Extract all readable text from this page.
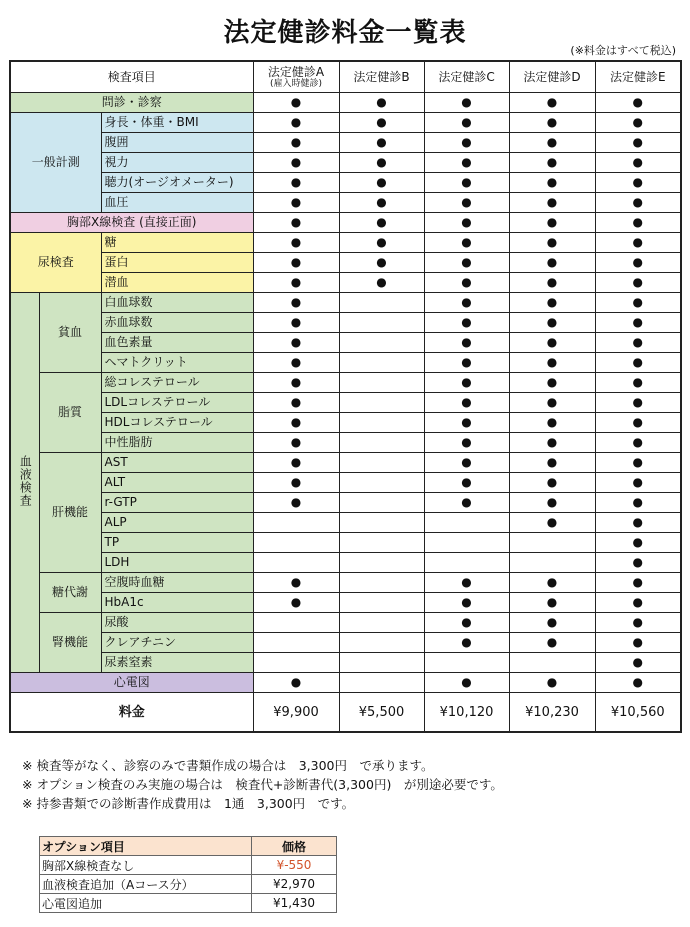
法定健診料金一覧表
(※料金はすべて税込)
検査項目			法定健診A
(雇入時健診)	法定健診B	法定健診C	法定健診D	法定健診E
問診・診察			●	●	●	●	●
一般計測		身長・体重・BMI	●	●	●	●	●
		腹囲	●	●	●	●	●
		視力	●	●	●	●	●
		聴力(オージオメーター)	●	●	●	●	●
		血圧	●	●	●	●	●
胸部X線検査 (直接正面)			●	●	●	●	●
尿検査		糖	●	●	●	●	●
		蛋白	●	●	●	●	●
		潜血	●	●	●	●	●
血液検査	貧血	白血球数	●		●	●	●
		赤血球数	●		●	●	●
		血色素量	●		●	●	●
		ヘマトクリット	●		●	●	●
	脂質	総コレステロール	●		●	●	●
		LDLコレステロール	●		●	●	●
		HDLコレステロール	●		●	●	●
		中性脂肪	●		●	●	●
	肝機能	AST	●		●	●	●
		ALT	●		●	●	●
		r-GTP	●		●	●	●
		ALP				●	●
		TP					●
		LDH					●
	糖代謝	空腹時血糖	●		●	●	●
		HbA1c	●		●	●	●
	腎機能	尿酸			●	●	●
		クレアチニン			●	●	●
		尿素窒素					●
心電図			●		●	●	●
料金			¥9,900	¥5,500	¥10,120	¥10,230	¥10,560
※ 検査等がなく、診察のみで書類作成の場合は　3,300円　で承ります。
※ オプション検査のみ実施の場合は　検査代+診断書代(3,300円)　が別途必要です。
※ 持参書類での診断書作成費用は　1通　3,300円　です。
オプション項目	価格
胸部X線検査なし	¥-550
血液検査追加（Aコース分）	¥2,970
心電図追加	¥1,430
